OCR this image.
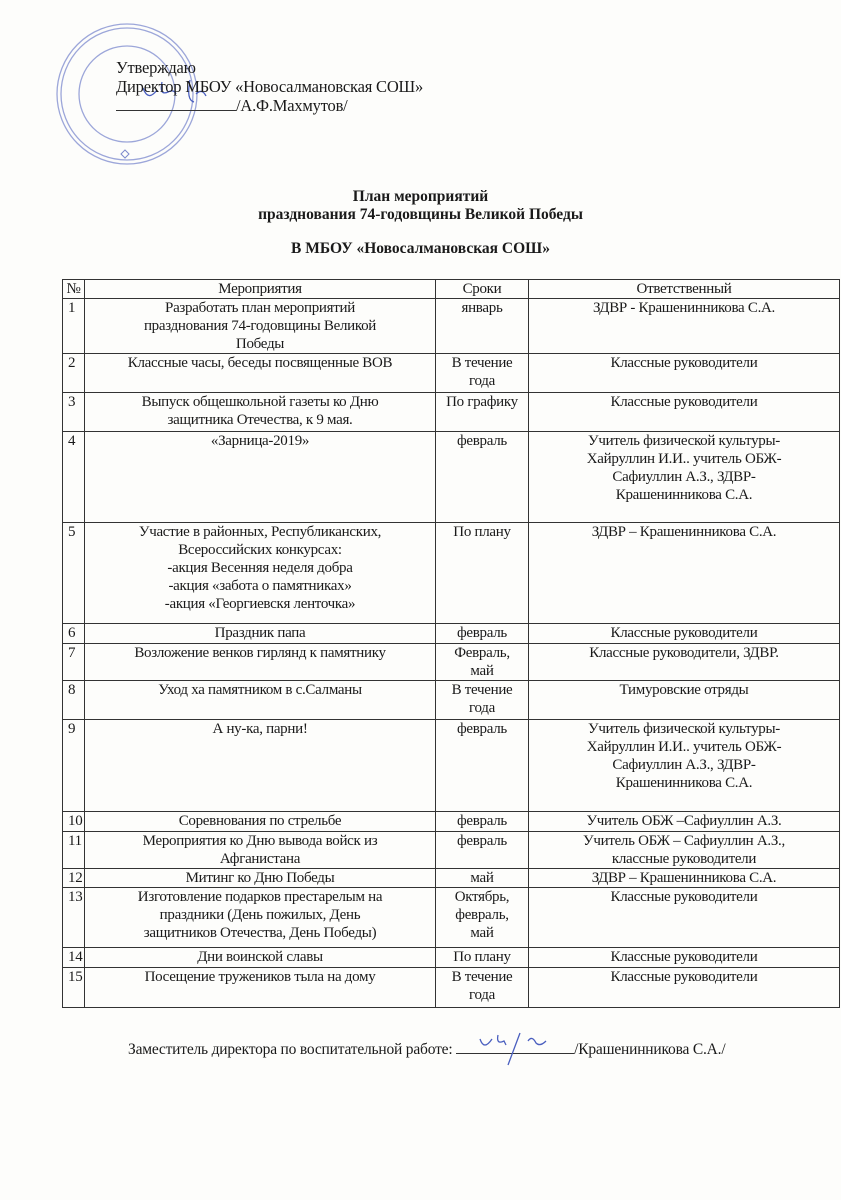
Утверждаю
Директор МБОУ «Новосалмановская СОШ»
/А.Ф.Махмутов/
План мероприятий
празднования 74-годовщины Великой Победы
В МБОУ «Новосалмановская СОШ»
№	Мероприятия	Сроки	Ответственный
1	Разработать план мероприятий
празднования 74-годовщины Великой
Победы	январь	ЗДВР - Крашенинникова С.А.
2	Классные часы, беседы посвященные ВОВ	В течение
года	Классные руководители
3	Выпуск общешкольной газеты ко Дню
защитника Отечества, к 9 мая.	По графику	Классные руководители
4	«Зарница-2019»	февраль	Учитель физической культуры-
Хайруллин И.И.. учитель ОБЖ-
Сафиуллин А.З., ЗДВР-
Крашенинникова С.А.
5	Участие в районных, Республиканских,
Всероссийских конкурсах:
-акция Весенняя неделя добра
-акция «забота о памятниках»
-акция «Георгиевскя ленточка»	По плану	ЗДВР – Крашенинникова С.А.
6	Праздник папа	февраль	Классные руководители
7	Возложение венков гирлянд к памятнику	Февраль,
май	Классные руководители, ЗДВР.
8	Уход ха памятником в с.Салманы	В течение
года	Тимуровские отряды
9	А ну-ка, парни!	февраль	Учитель физической культуры-
Хайруллин И.И.. учитель ОБЖ-
Сафиуллин А.З., ЗДВР-
Крашенинникова С.А.
10	Соревнования по стрельбе	февраль	Учитель ОБЖ –Сафиуллин А.З.
11	Мероприятия ко Дню вывода войск из
Афганистана	февраль	Учитель ОБЖ – Сафиуллин А.З.,
классные руководители
12	Митинг ко Дню Победы	май	ЗДВР – Крашенинникова С.А.
13	Изготовление подарков престарелым на
праздники (День пожилых, День
защитников Отечества, День Победы)	Октябрь,
февраль,
май	Классные руководители
14	Дни воинской славы	По плану	Классные руководители
15	Посещение тружеников тыла на дому	В течение
года	Классные руководители
Заместитель директора по воспитательной работе:	/Крашенинникова С.А./
